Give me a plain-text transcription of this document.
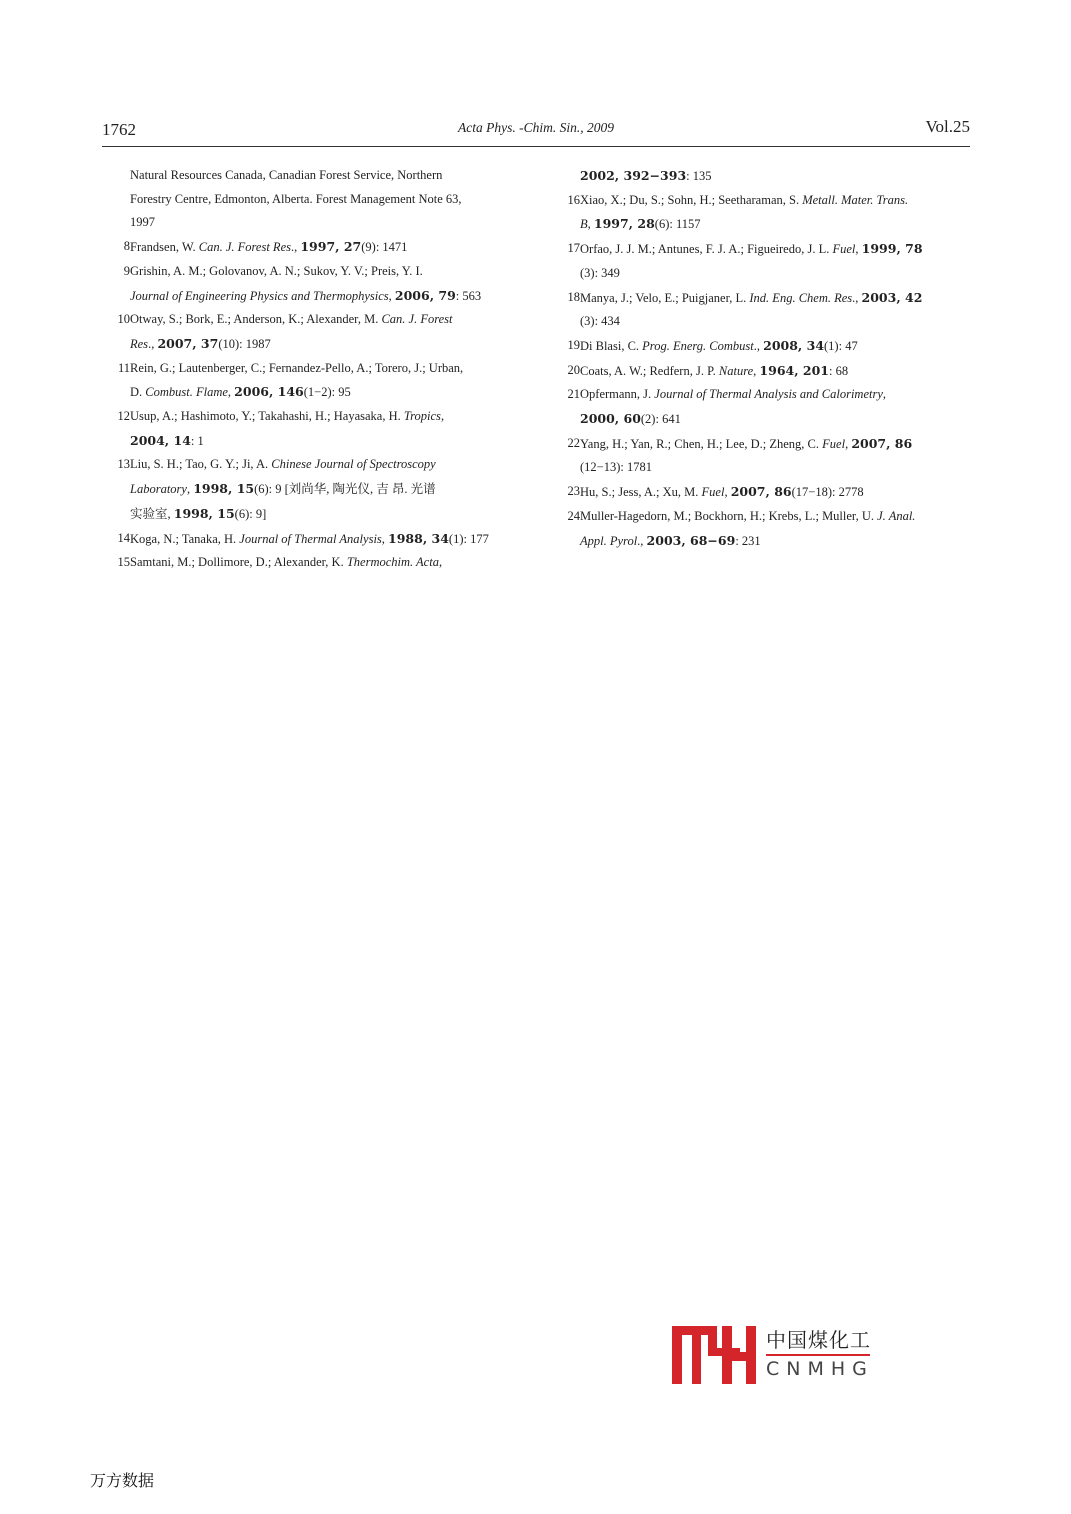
1762	Acta Phys. -Chim. Sin., 2009	Vol.25
Natural Resources Canada, Canadian Forest Service, Northern
Forestry Centre, Edmonton, Alberta. Forest Management Note 63,
1997
8 Frandsen, W. Can. J. Forest Res., 1997, 27(9): 1471
9 Grishin, A. M.; Golovanov, A. N.; Sukov, Y. V.; Preis, Y. I.
Journal of Engineering Physics and Thermophysics, 2006, 79: 563
10 Otway, S.; Bork, E.; Anderson, K.; Alexander, M. Can. J. Forest
Res., 2007, 37(10): 1987
11 Rein, G.; Lautenberger, C.; Fernandez-Pello, A.; Torero, J.; Urban,
D. Combust. Flame, 2006, 146(1−2): 95
12 Usup, A.; Hashimoto, Y.; Takahashi, H.; Hayasaka, H. Tropics,
2004, 14: 1
13 Liu, S. H.; Tao, G. Y.; Ji, A. Chinese Journal of Spectroscopy
Laboratory, 1998, 15(6): 9 [刘尚华, 陶光仪, 吉 昂. 光谱
实验室, 1998, 15(6): 9]
14 Koga, N.; Tanaka, H. Journal of Thermal Analysis, 1988, 34(1): 177
15 Samtani, M.; Dollimore, D.; Alexander, K. Thermochim. Acta,
2002, 392−393: 135
16 Xiao, X.; Du, S.; Sohn, H.; Seetharaman, S. Metall. Mater. Trans.
B, 1997, 28(6): 1157
17 Orfao, J. J. M.; Antunes, F. J. A.; Figueiredo, J. L. Fuel, 1999, 78
(3): 349
18 Manya, J.; Velo, E.; Puigjaner, L. Ind. Eng. Chem. Res., 2003, 42
(3): 434
19 Di Blasi, C. Prog. Energ. Combust., 2008, 34(1): 47
20 Coats, A. W.; Redfern, J. P. Nature, 1964, 201: 68
21 Opfermann, J. Journal of Thermal Analysis and Calorimetry,
2000, 60(2): 641
22 Yang, H.; Yan, R.; Chen, H.; Lee, D.; Zheng, C. Fuel, 2007, 86
(12−13): 1781
23 Hu, S.; Jess, A.; Xu, M. Fuel, 2007, 86(17−18): 2778
24 Muller-Hagedorn, M.; Bockhorn, H.; Krebs, L.; Muller, U. J. Anal.
Appl. Pyrol., 2003, 68−69: 231
中国煤化工
CNMHG
万方数据
